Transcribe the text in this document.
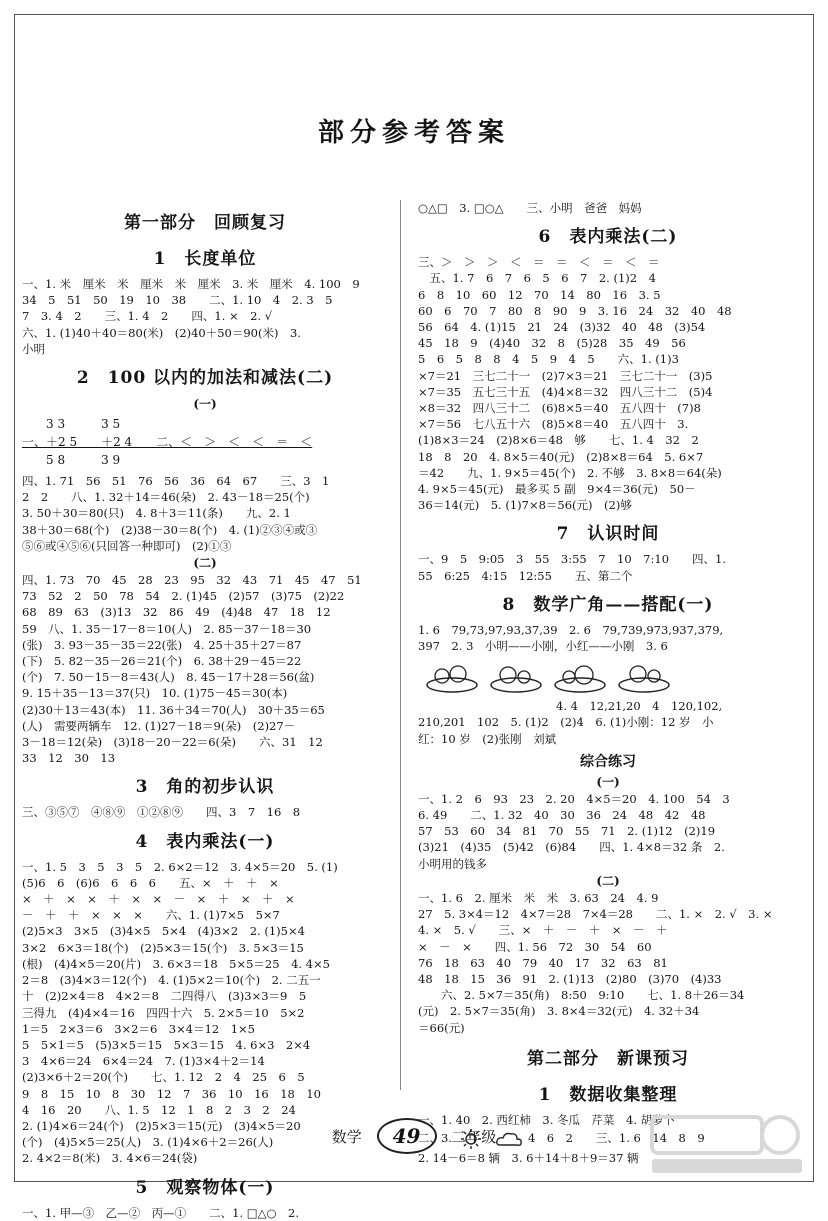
部分参考答案
第一部分　回顾复习
1　长度单位
一、1. 米　厘米　米　厘米　米　厘米　3. 米　厘米　4. 100　9
34　5　51　50　19　10　38　　二、1. 10　4　2. 3　5
7　3. 4　2　　三、1. 4　2　　四、1. ×　2. √
六、1. (1)40＋40＝80(米)　(2)40＋50＝90(米)　3.
小明
2　100 以内的加法和减法(二)
(一)
　　3 3　　　3 5
一、＋2 5　　＋2 4　　二、＜　＞　＜　＜　＝　＜
　　5 8　　　3 9
四、1. 71　56　51　76　56　36　64　67　　三、3　1
2　2　　八、1. 32＋14＝46(朵)　2. 43－18＝25(个)
3. 50＋30＝80(只)　4. 8＋3＝11(条)　　九、2. 1
38＋30＝68(个)　(2)38－30＝8(个)　4. (1)②③④或③
⑤⑥或④⑤⑥(只回答一种即可)　(2)①③
(二)
四、1. 73　70　45　28　23　95　32　43　71　45　47　51
73　52　2　50　78　54　2. (1)45　(2)57　(3)75　(2)22
68　89　63　(3)13　32　86　49　(4)48　47　18　12
59　八、1. 35－17－8＝10(人)　2. 85－37－18＝30
(张)　3. 93－35－35＝22(张)　4. 25＋35＋27＝87
(下)　5. 82－35－26＝21(个)　6. 38＋29－45＝22
(个)　7. 50－15－8＝43(人)　8. 45－17＋28＝56(盆)
9. 15＋35－13＝37(只)　10. (1)75－45＝30(本)
(2)30＋13＝43(本)　11. 36＋34＝70(人)　30＋35＝65
(人)　需要两辆车　12. (1)27－18＝9(朵)　(2)27－
3－18＝12(朵)　(3)18－20－22＝6(朵)　　六、31　12
33　12　30　13
3　角的初步认识
三、③⑤⑦　④⑧⑨　①②⑧⑨　　四、3　7　16　8
4　表内乘法(一)
一、1. 5　3　5　3　5　2. 6×2＝12　3. 4×5＝20　5. (1)
(5)6　6　(6)6　6　6　6　　五、×　＋　＋　×
×　＋　×　×　＋　×　×　－　×　＋　×　＋　×
－　＋　＋　×　×　×　　六、1. (1)7×5　5×7
(2)5×3　3×5　(3)4×5　5×4　(4)3×2　2. (1)5×4
3×2　6×3＝18(个)　(2)5×3＝15(个)　3. 5×3＝15
(根)　(4)4×5＝20(片)　3. 6×3＝18　5×5＝25　4. 4×5
2＝8　(3)4×3＝12(个)　4. (1)5×2＝10(个)　2. 二五一
十　(2)2×4＝8　4×2＝8　二四得八　(3)3×3＝9　5
三得九　(4)4×4＝16　四四十六　5. 2×5＝10　5×2
1＝5　2×3＝6　3×2＝6　3×4＝12　1×5
5　5×1＝5　(5)3×5＝15　5×3＝15　4. 6×3　2×4
3　4×6＝24　6×4＝24　7. (1)3×4＋2＝14
(2)3×6＋2＝20(个)　　七、1. 12　2　4　25　6　5
9　8　15　10　8　30　12　7　36　10　16　18　10
4　16　20　　八、1. 5　12　1　8　2　3　2　24
2. (1)4×6＝24(个)　(2)5×3＝15(元)　(3)4×5＝20
(个)　(4)5×5＝25(人)　3. (1)4×6＋2＝26(人)
2. 4×2＝8(米)　3. 4×6＝24(袋)
5　观察物体(一)
一、1. 甲—③　乙—②　丙—①　　二、1. □△○　2.
○△□　3. □○△　　三、小明　爸爸　妈妈
6　表内乘法(二)
三、＞　＞　＞　＜　＝　＝　＜　＝　＜　＝
　五、1. 7　6　7　6　5　6　7　2. (1)2　4
6　8　10　60　12　70　14　80　16　3. 5
60　6　70　7　80　8　90　9　3. 16　24　32　40　48
56　64　4. (1)15　21　24　(3)32　40　48　(3)54
45　18　9　(4)40　32　8　(5)28　35　49　56
5　6　5　8　8　4　5　9　4　5　　六、1. (1)3
×7＝21　三七二十一　(2)7×3＝21　三七二十一　(3)5
×7＝35　五七三十五　(4)4×8＝32　四八三十二　(5)4
×8＝32　四八三十二　(6)8×5＝40　五八四十　(7)8
×7＝56　七八五十六　(8)5×8＝40　五八四十　3.
(1)8×3＝24　(2)8×6＝48　够　　七、1. 4　32　2
18　8　20　4. 8×5＝40(元)　(2)8×8＝64　5. 6×7
＝42　　九、1. 9×5＝45(个)　2. 不够　3. 8×8＝64(朵)
4. 9×5＝45(元)　最多买 5 副　9×4＝36(元)　50－
36＝14(元)　5. (1)7×8＝56(元)　(2)够
7　认识时间
一、9　5　9:05　3　55　3:55　7　10　7:10　　四、1.
55　6:25　4:15　12:55　　五、第二个
8　数学广角——搭配(一)
1. 6　79,73,97,93,37,39　2. 6　79,739,973,937,379,
397　2. 3　小明——小刚，小红——小刚　3. 6
　　　　　　　　　　　　4. 4　12,21,20　4　120,102,
210,201　102　5. (1)2　(2)4　6. (1)小刚：12 岁　小
红：10 岁　(2)张刚　刘斌
综合练习
(一)
一、1. 2　6　93　23　2. 20　4×5＝20　4. 100　54　3
6. 49　　二、1. 32　40　30　36　24　48　42　48
57　53　60　34　81　70　55　71　2. (1)12　(2)19
(3)21　(4)35　(5)42　(6)84　　四、1. 4×8＝32 条　2.
小明用的钱多
(二)
一、1. 6　2. 厘米　米　米　3. 63　24　4. 9
27　5. 3×4＝12　4×7＝28　7×4＝28　　二、1. ×　2. √　3. ×
4. ×　5. √　　三、×　＋　－　＋　×　－　＋
×　－　×　　四、1. 56　72　30　54　60
76　18　63　40　79　40　17　32　63　81
48　18　15　36　91　2. (1)13　(2)80　(3)70　(4)33
　　六、2. 5×7＝35(角)　8:50　9:10　　七、1. 8＋26＝34
(元)　2. 5×7＝35(角)　3. 8×4＝32(元)　4. 32＋34
＝66(元)
第二部分　新课预习
1　数据收集整理
一、1. 40　2. 西红柿　3. 冬瓜　芹菜　4. 胡萝卜
二、3.	4　6　2　　三、1. 6　14　8　9
2. 14－6＝8 辆　3. 6＋14＋8＋9＝37 辆
数学 49 二年级
